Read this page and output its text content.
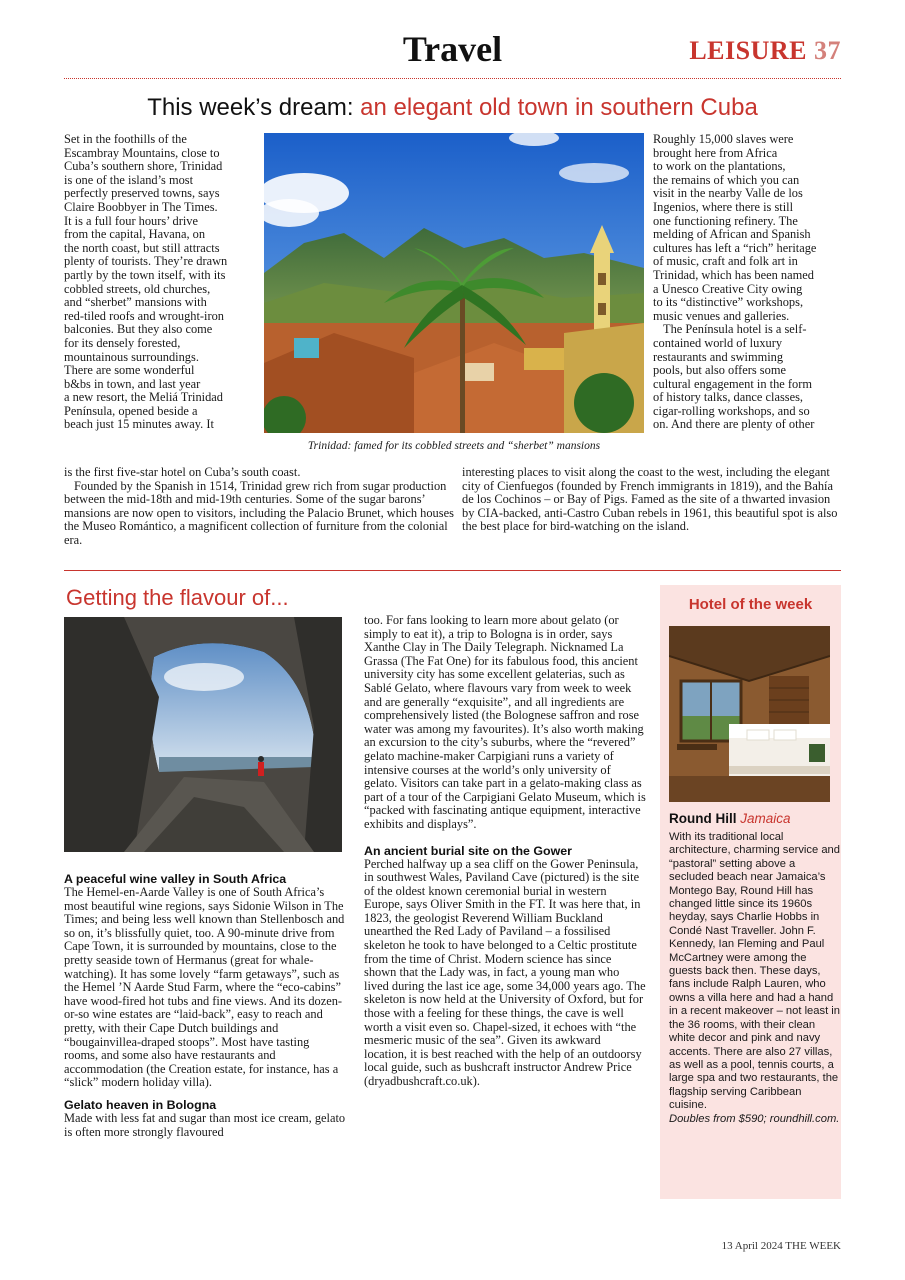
Travel	LEISURE 37
This week’s dream: an elegant old town in southern Cuba
Set in the foothills of the
Escambray Mountains, close to
Cuba’s southern shore, Trinidad
is one of the island’s most
perfectly preserved towns, says
Claire Boobbyer in The Times.
It is a full four hours’ drive
from the capital, Havana, on
the north coast, but still attracts
plenty of tourists. They’re drawn
partly by the town itself, with its
cobbled streets, old churches,
and “sherbet” mansions with
red-tiled roofs and wrought-iron
balconies. But they also come
for its densely forested,
mountainous surroundings.
There are some wonderful
b&bs in town, and last year
a new resort, the Meliá Trinidad
Península, opened beside a
beach just 15 minutes away. It
Trinidad: famed for its cobbled streets and “sherbet” mansions
Roughly 15,000 slaves were
brought here from Africa
to work on the plantations,
the remains of which you can
visit in the nearby Valle de los
Ingenios, where there is still
one functioning refinery. The
melding of African and Spanish
cultures has left a “rich” heritage
of music, craft and folk art in
Trinidad, which has been named
a Unesco Creative City owing
to its “distinctive” workshops,
music venues and galleries.
The Península hotel is a self-
contained world of luxury
restaurants and swimming
pools, but also offers some
cultural engagement in the form
of history talks, dance classes,
cigar-rolling workshops, and so
on. And there are plenty of other

is the first five-star hotel on Cuba’s south coast.

Founded by the Spanish in 1514, Trinidad grew rich from sugar production between the mid-18th and mid-19th centuries. Some of the sugar barons’ mansions are now open to visitors, including the Palacio Brunet, which houses the Museo Romántico, a magnificent collection of furniture from the colonial era.

interesting places to visit along the coast to the west, including the elegant city of Cienfuegos (founded by French immigrants in 1819), and the Bahía de los Cochinos – or Bay of Pigs. Famed as the site of a thwarted invasion by CIA-backed, anti-Castro Cuban rebels in 1961, this beautiful spot is also the best place for bird-watching on the island.

Getting the flavour of...

A peaceful wine valley in South Africa

The Hemel-en-Aarde Valley is one of South Africa’s most beautiful wine regions, says Sidonie Wilson in The Times; and being less well known than Stellenbosch and so on, it’s blissfully quiet, too. A 90-minute drive from Cape Town, it is surrounded by mountains, close to the pretty seaside town of Hermanus (great for whale-watching). It has some lovely “farm getaways”, such as the Hemel ’N Aarde Stud Farm, where the “eco-cabins” have wood-fired hot tubs and fine views. And its dozen-or-so wine estates are “laid-back”, easy to reach and pretty, with their Cape Dutch buildings and “bougainvillea-draped stoops”. Most have tasting rooms, and some also have restaurants and accommodation (the Creation estate, for instance, has a “slick” modern holiday villa).

Gelato heaven in Bologna

Made with less fat and sugar than most ice cream, gelato is often more strongly flavoured

too. For fans looking to learn more about gelato (or simply to eat it), a trip to Bologna is in order, says Xanthe Clay in The Daily Telegraph. Nicknamed La Grassa (The Fat One) for its fabulous food, this ancient university city has some excellent gelaterias, such as Sablé Gelato, where flavours vary from week to week and are generally “exquisite”, and all ingredients are comprehensively listed (the Bolognese saffron and rose water was among my favourites). It’s also worth making an excursion to the city’s suburbs, where the “revered” gelato machine-maker Carpigiani runs a variety of intensive courses at the world’s only university of gelato. Visitors can take part in a gelato-making class as part of a tour of the Carpigiani Gelato Museum, which is “packed with fascinating antique equipment, interactive exhibits and displays”.

An ancient burial site on the Gower

Perched halfway up a sea cliff on the Gower Peninsula, in southwest Wales, Paviland Cave (pictured) is the site of the oldest known ceremonial burial in western Europe, says Oliver Smith in the FT. It was here that, in 1823, the geologist Reverend William Buckland unearthed the Red Lady of Paviland – a fossilised skeleton he took to have belonged to a Celtic prostitute from the time of Christ. Modern science has since shown that the Lady was, in fact, a young man who lived during the last ice age, some 34,000 years ago. The skeleton is now held at the University of Oxford, but for those with a feeling for these things, the cave is well worth a visit even so. Chapel-sized, it echoes with “the mesmeric music of the sea”. Given its awkward location, it is best reached with the help of an outdoorsy local guide, such as bushcraft instructor Andrew Price (dryadbushcraft.co.uk).

Hotel of the week
Round Hill Jamaica

With its traditional local architecture, charming service and “pastoral” setting above a secluded beach near Jamaica’s Montego Bay, Round Hill has changed little since its 1960s heyday, says Charlie Hobbs in Condé Nast Traveller. John F. Kennedy, Ian Fleming and Paul McCartney were among the guests back then. These days, fans include Ralph Lauren, who owns a villa here and had a hand in a recent makeover – not least in the 36 rooms, with their clean white decor and pink and navy accents. There are also 27 villas, as well as a pool, tennis courts, a large spa and two restaurants, the flagship serving Caribbean cuisine.

Doubles from $590; roundhill.com.

13 April 2024 THE WEEK
